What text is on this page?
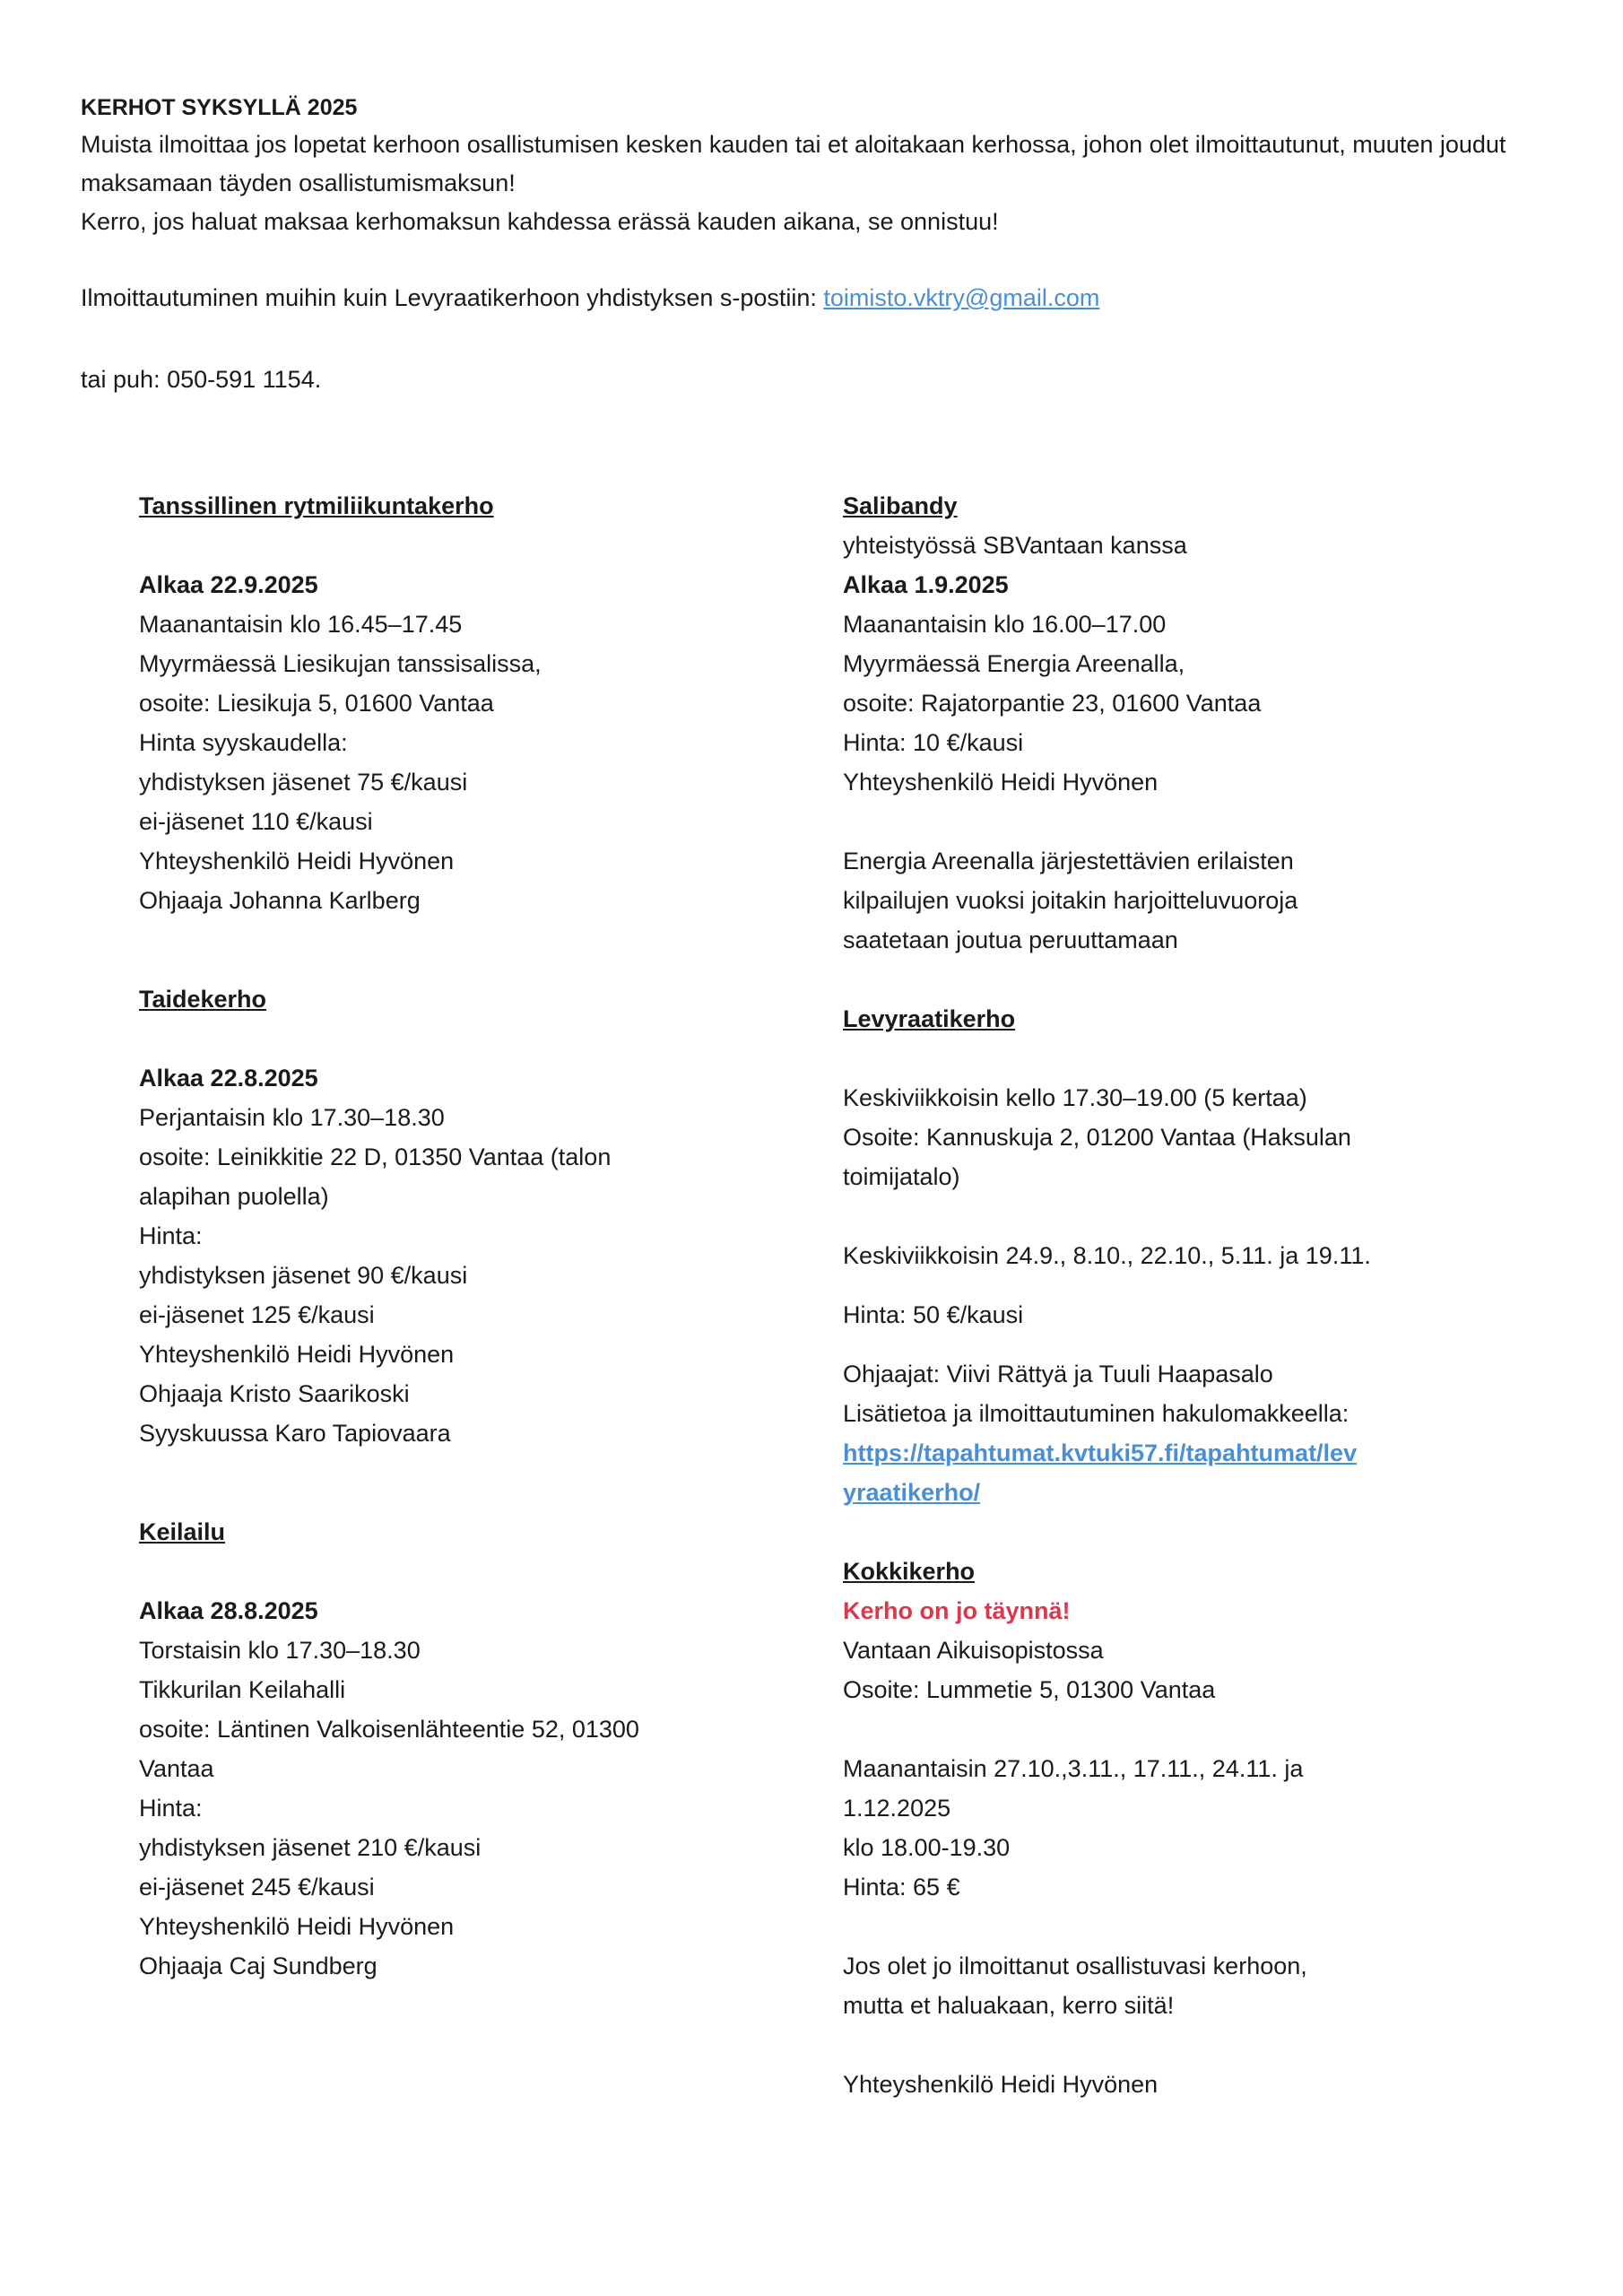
KERHOT SYKSYLLÄ 2025

Muista ilmoittaa jos lopetat kerhoon osallistumisen kesken kauden tai et aloitakaan kerhossa, johon olet ilmoittautunut, muuten joudut maksamaan täyden osallistumismaksun!

Kerro, jos haluat maksaa kerhomaksun kahdessa erässä kauden aikana, se onnistuu!

Ilmoittautuminen muihin kuin Levyraatikerhoon yhdistyksen s-postiin: toimisto.vktry@gmail.com

tai puh: 050-591 1154.

Tanssillinen rytmiliikuntakerho

Alkaa 22.9.2025

Maanantaisin klo 16.45–17.45

Myyrmäessä Liesikujan tanssisalissa,

osoite: Liesikuja 5, 01600 Vantaa

Hinta syyskaudella:

yhdistyksen jäsenet 75 €/kausi

ei-jäsenet 110 €/kausi

Yhteyshenkilö Heidi Hyvönen

Ohjaaja Johanna Karlberg

Taidekerho

Alkaa 22.8.2025

Perjantaisin klo 17.30–18.30

osoite: Leinikkitie 22 D, 01350 Vantaa (talon

alapihan puolella)

Hinta:

yhdistyksen jäsenet 90 €/kausi

ei-jäsenet 125 €/kausi

Yhteyshenkilö Heidi Hyvönen

Ohjaaja Kristo Saarikoski

Syyskuussa Karo Tapiovaara

Keilailu

Alkaa 28.8.2025

Torstaisin klo 17.30–18.30

Tikkurilan Keilahalli

osoite: Läntinen Valkoisenlähteentie 52, 01300

Vantaa

Hinta:

yhdistyksen jäsenet 210 €/kausi

ei-jäsenet 245 €/kausi

Yhteyshenkilö Heidi Hyvönen

Ohjaaja Caj Sundberg

Salibandy

yhteistyössä SBVantaan kanssa

Alkaa 1.9.2025

Maanantaisin klo 16.00–17.00

Myyrmäessä Energia Areenalla,

osoite: Rajatorpantie 23, 01600 Vantaa

Hinta: 10 €/kausi

Yhteyshenkilö Heidi Hyvönen

Energia Areenalla järjestettävien erilaisten

kilpailujen vuoksi joitakin harjoitteluvuoroja

saatetaan joutua peruuttamaan

Levyraatikerho

Keskiviikkoisin kello 17.30–19.00 (5 kertaa)

Osoite: Kannuskuja 2, 01200 Vantaa (Haksulan

toimijatalo)

Keskiviikkoisin 24.9., 8.10., 22.10., 5.11. ja 19.11.

Hinta: 50 €/kausi

Ohjaajat: Viivi Rättyä ja Tuuli Haapasalo

Lisätietoa ja ilmoittautuminen hakulomakkeella:

https://tapahtumat.kvtuki57.fi/tapahtumat/lev

yraatikerho/

Kokkikerho

Kerho on jo täynnä!

Vantaan Aikuisopistossa

Osoite: Lummetie 5, 01300 Vantaa

Maanantaisin 27.10.,3.11., 17.11., 24.11. ja

1.12.2025

klo 18.00-19.30

Hinta: 65 €

Jos olet jo ilmoittanut osallistuvasi kerhoon,

mutta et haluakaan, kerro siitä!

Yhteyshenkilö Heidi Hyvönen
